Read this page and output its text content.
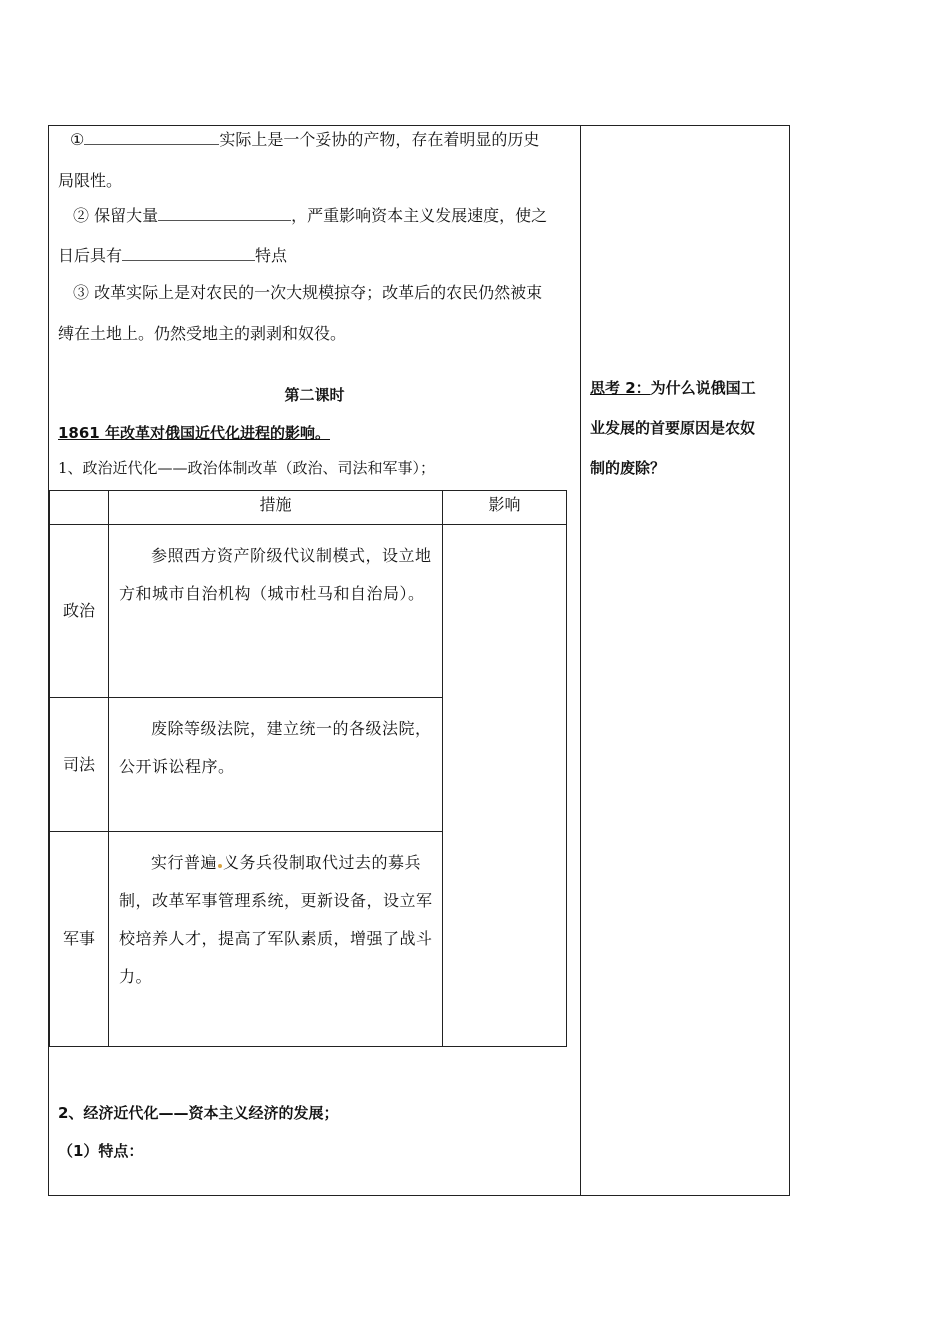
①	实际上是一个妥协的产物，存在着明显的历史
局限性。
② 保留大量	，严重影响资本主义发展速度，使之
日后具有	特点
③ 改革实际上是对农民的一次大规模掠夺；改革后的农民仍然被束
缚在土地上。仍然受地主的剥剥和奴役。
第二课时
1861 年改革对俄国近代化进程的影响。
1、政治近代化——政治体制改革（政治、司法和军事）；
	措施	影响
政治	参照西方资产阶级代议制模式，设立地方和城市自治机构（城市杜马和自治局）。	

司法	废除等级法院，建立统一的各级法院，公开诉讼程序。	

军事	实行普遍 义务兵役制取代过去的募兵制，改革军事管理系统，更新设备，设立军校培养人才，提高了军队素质，增强了战斗力。	
2、经济近代化——资本主义经济的发展；
（1）特点：
思考 2：为什么说俄国工
业发展的首要原因是农奴
制的废除？
